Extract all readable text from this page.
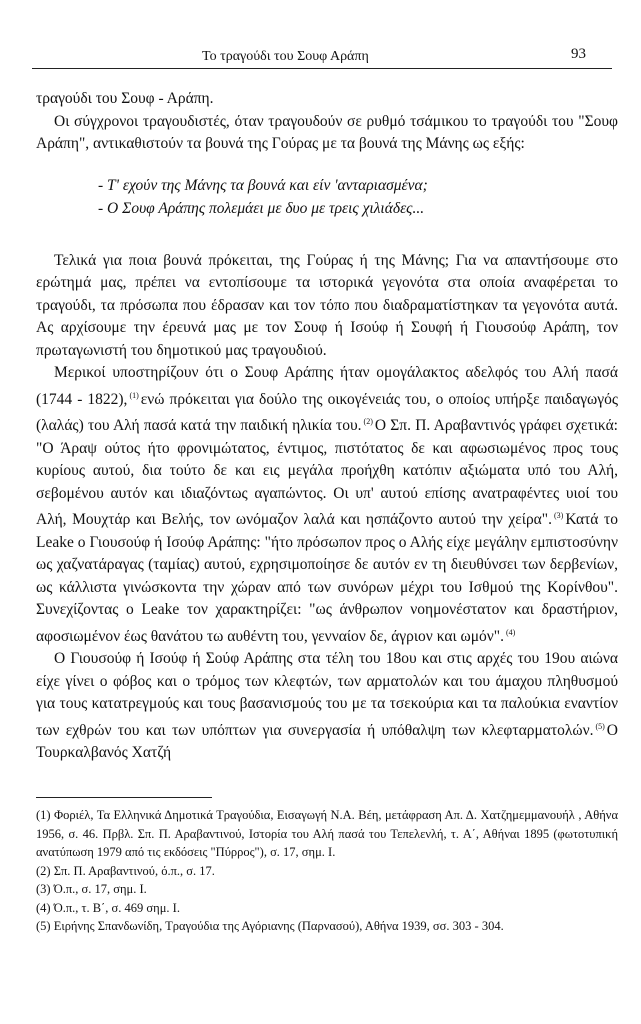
Το τραγούδι του Σουφ Αράπη	93

τραγούδι του Σουφ - Αράπη.

Οι σύγχρονοι τραγουδιστές, όταν τραγουδούν σε ρυθμό τσάμικου το τραγούδι του "Σουφ Αράπη", αντικαθιστούν τα βουνά της Γούρας με τα βουνά της Μάνης ως εξής:

- Τ' εχούν της Μάνης τα βουνά και είν 'ανταριασμένα;
- Ο Σουφ Αράπης πολεμάει με δυο με τρεις χιλιάδες...

Τελικά για ποια βουνά πρόκειται, της Γούρας ή της Μάνης; Για να απαντήσουμε στο ερώτημά μας, πρέπει να εντοπίσουμε τα ιστορικά γεγονότα στα οποία αναφέρεται το τραγούδι, τα πρόσωπα που έδρασαν και τον τόπο που διαδραματίστηκαν τα γεγονότα αυτά. Ας αρχίσουμε την έρευνά μας με τον Σουφ ή Ισούφ ή Σουφή ή Γιουσούφ Αράπη, τον πρωταγωνιστή του δημοτικού μας τραγουδιού.

Μερικοί υποστηρίζουν ότι ο Σουφ Αράπης ήταν ομογάλακτος αδελφός του Αλή πασά (1744 - 1822), $^{(1)}$ ενώ πρόκειται για δούλο της οικογένειάς του, ο οποίος υπήρξε παιδαγωγός (λαλάς) του Αλή πασά κατά την παιδική ηλικία του. $^{(2)}$ Ο Σπ. Π. Αραβαντινός γράφει σχετικά: "Ο Άραψ ούτος ήτο φρονιμώτατος, έντιμος, πιστότατος δε και αφωσιωμένος προς τους κυρίους αυτού, δια τούτο δε και εις μεγάλα προήχθη κατόπιν αξιώματα υπό του Αλή, σεβομένου αυτόν και ιδιαζόντως αγαπώντος. Οι υπ' αυτού επίσης ανατραφέντες υιοί του Αλή, Μουχτάρ και Βελής, τον ωνόμαζον λαλά και ησπάζοντο αυτού την χείρα". $^{(3)}$ Κατά το Leake ο Γιουσούφ ή Ισούφ Αράπης: "ήτο πρόσωπον προς ο Αλής είχε μεγάλην εμπιστοσύνην ως χαζνατάραγας (ταμίας) αυτού, εχρησιμοποίησε δε αυτόν εν τη διευθύνσει των δερβενίων, ως κάλλιστα γινώσκοντα την χώραν από των συνόρων μέχρι του Ισθμού της Κορίνθου". Συνεχίζοντας ο Leake τον χαρακτηρίζει: "ως άνθρωπον νοημονέστατον και δραστήριον, αφοσιωμένον έως θανάτου τω αυθέντη του, γενναίον δε, άγριον και ωμόν". $^{(4)}$

Ο Γιουσούφ ή Ισούφ ή Σούφ Αράπης στα τέλη του 18ου και στις αρχές του 19ου αιώνα είχε γίνει ο φόβος και ο τρόμος των κλεφτών, των αρματολών και του άμαχου πληθυσμού για τους κατατρεγμούς και τους βασανισμούς του με τα τσεκούρια και τα παλούκια εναντίον των εχθρών του και των υπόπτων για συνεργασία ή υπόθαλψη των κλεφταρματολών. $^{(5)}$ Ο Τουρκαλβανός Χατζή

(1) Φοριέλ, Τα Ελληνικά Δημοτικά Τραγούδια, Εισαγωγή Ν.Α. Βέη, μετάφραση Απ. Δ. Χατζημεμμανουήλ , Αθήνα 1956, σ. 46. Πρβλ. Σπ. Π. Αραβαντινού, Ιστορία του Αλή πασά του Τεπελενλή, τ. Α΄, Αθήναι 1895 (φωτοτυπική ανατύπωση 1979 από τις εκδόσεις "Πύρρος"), σ. 17, σημ. Ι.

(2) Σπ. Π. Αραβαντινού, ό.π., σ. 17.

(3) Ό.π., σ. 17, σημ. Ι.

(4) Ό.π., τ. Β΄, σ. 469 σημ. Ι.

(5) Ειρήνης Σπανδωνίδη, Τραγούδια της Αγόριανης (Παρνασού), Αθήνα 1939, σσ. 303 - 304.
